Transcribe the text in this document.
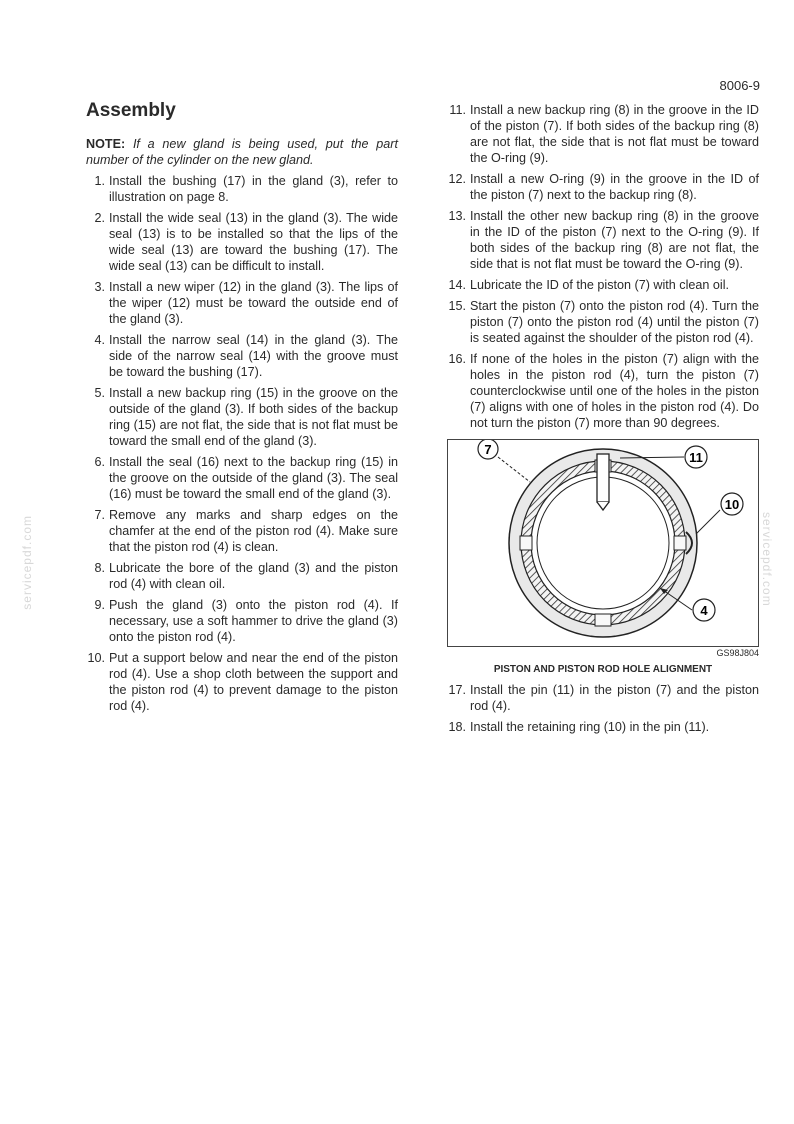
8006-9
servicepdf.com	servicepdf.com
Assembly

NOTE: If a new gland is being used, put the part number of the cylinder on the new gland.

1. Install the bushing (17) in the gland (3), refer to illustration on page 8.
2. Install the wide seal (13) in the gland (3). The wide seal (13) is to be installed so that the lips of the wide seal (13) are toward the bushing (17). The wide seal (13) can be difficult to install.
3. Install a new wiper (12) in the gland (3). The lips of the wiper (12) must be toward the outside end of the gland (3).
4. Install the narrow seal (14) in the gland (3). The side of the narrow seal (14) with the groove must be toward the bushing (17).
5. Install a new backup ring (15) in the groove on the outside of the gland (3). If both sides of the backup ring (15) are not flat, the side that is not flat must be toward the small end of the gland (3).
6. Install the seal (16) next to the backup ring (15) in the groove on the outside of the gland (3). The seal (16) must be toward the small end of the gland (3).
7. Remove any marks and sharp edges on the chamfer at the end of the piston rod (4). Make sure that the piston rod (4) is clean.
8. Lubricate the bore of the gland (3) and the piston rod (4) with clean oil.
9. Push the gland (3) onto the piston rod (4). If necessary, use a soft hammer to drive the gland (3) onto the piston rod (4).
10. Put a support below and near the end of the piston rod (4). Use a shop cloth between the support and the piston rod (4) to prevent damage to the piston rod (4).
11. Install a new backup ring (8) in the groove in the ID of the piston (7). If both sides of the backup ring (8) are not flat, the side that is not flat must be toward the O-ring (9).
12. Install a new O-ring (9) in the groove in the ID of the piston (7) next to the backup ring (8).
13. Install the other new backup ring (8) in the groove in the ID of the piston (7) next to the O-ring (9). If both sides of the backup ring (8) are not flat, the side that is not flat must be toward the O-ring (9).
14. Lubricate the ID of the piston (7) with clean oil.
15. Start the piston (7) onto the piston rod (4). Turn the piston (7) onto the piston rod (4) until the piston (7) is seated against the shoulder of the piston rod (4).
16. If none of the holes in the piston (7) align with the holes in the piston rod (4), turn the piston (7) counterclockwise until one of the holes in the piston (7) aligns with one of holes in the piston rod (4). Do not turn the piston (7) more than 90 degrees.
7
11
10
4
GS98J804
PISTON AND PISTON ROD HOLE ALIGNMENT
17. Install the pin (11) in the piston (7) and the piston rod (4).
18. Install the retaining ring (10) in the pin (11).
